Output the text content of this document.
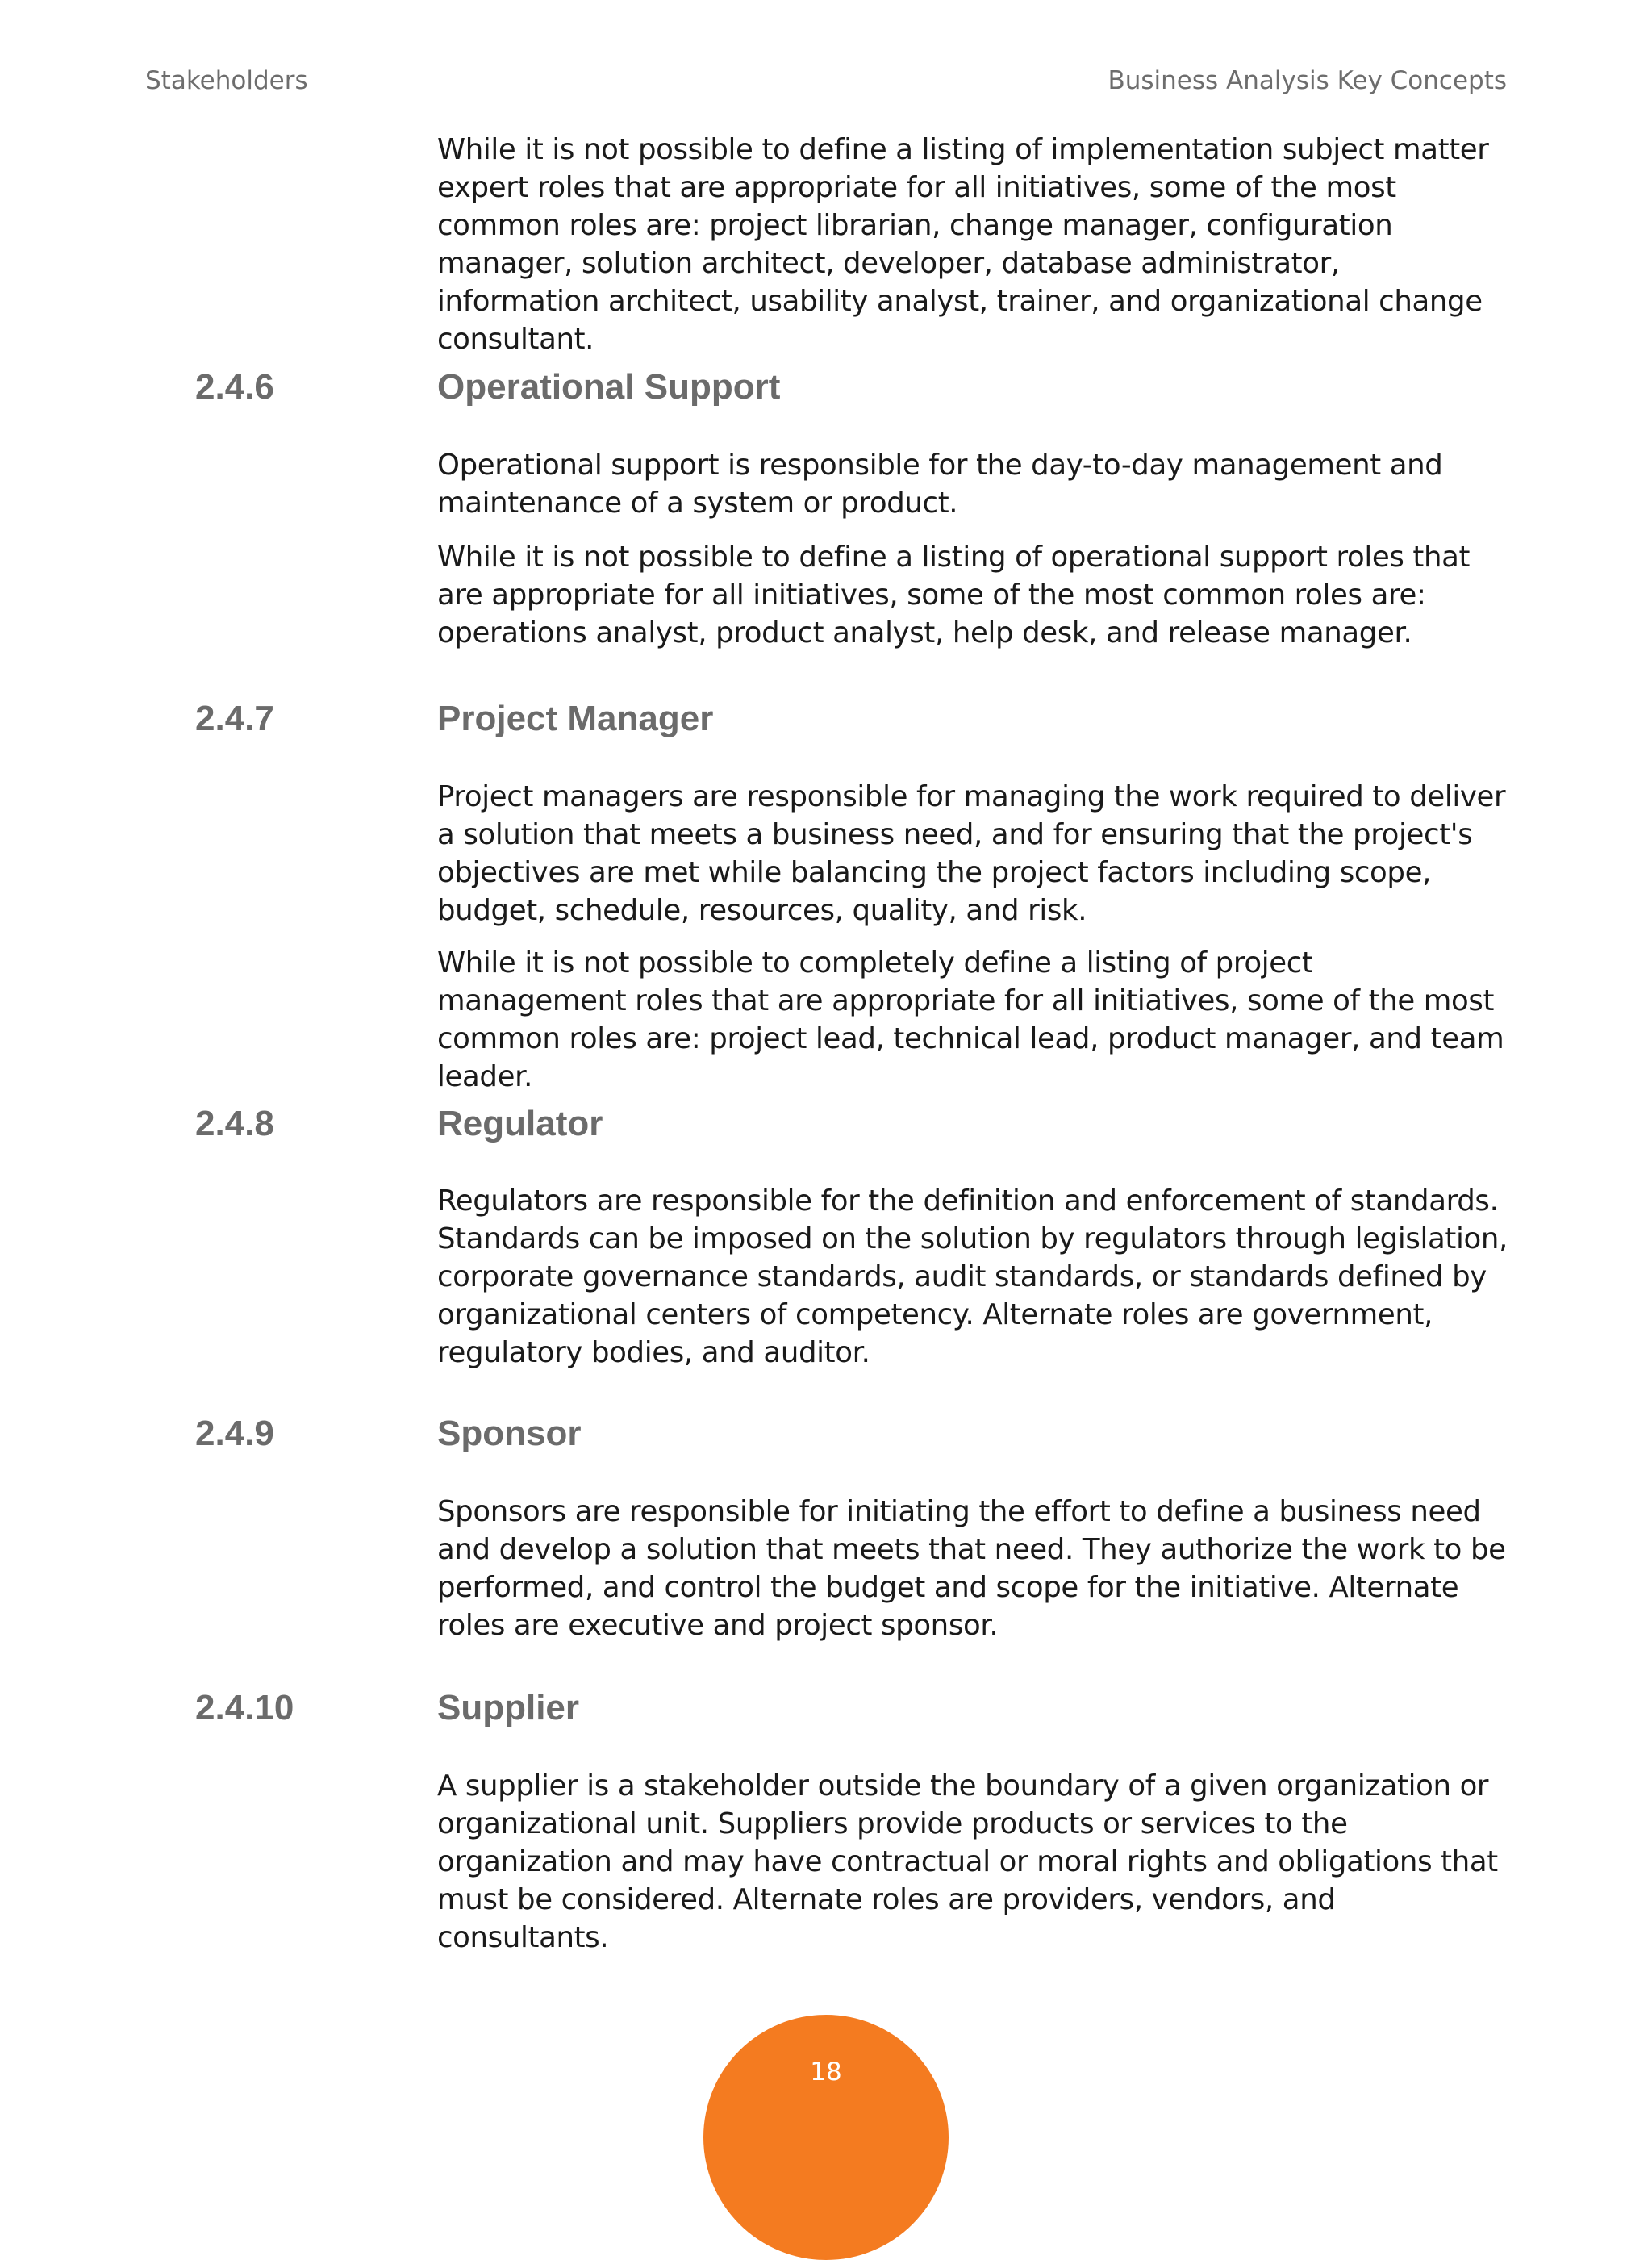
Stakeholders	Business Analysis Key Concepts

While it is not possible to define a listing of implementation subject matter expert roles that are appropriate for all initiatives, some of the most common roles are: project librarian, change manager, configuration manager, solution architect, developer, database administrator, information architect, usability analyst, trainer, and organizational change consultant.

2.4.6	Operational Support

Operational support is responsible for the day-to-day management and maintenance of a system or product.

While it is not possible to define a listing of operational support roles that are appropriate for all initiatives, some of the most common roles are: operations analyst, product analyst, help desk, and release manager.

2.4.7	Project Manager

Project managers are responsible for managing the work required to deliver a solution that meets a business need, and for ensuring that the project's objectives are met while balancing the project factors including scope, budget, schedule, resources, quality, and risk.

While it is not possible to completely define a listing of project management roles that are appropriate for all initiatives, some of the most common roles are: project lead, technical lead, product manager, and team leader.

2.4.8	Regulator

Regulators are responsible for the definition and enforcement of standards. Standards can be imposed on the solution by regulators through legislation, corporate governance standards, audit standards, or standards defined by organizational centers of competency. Alternate roles are government, regulatory bodies, and auditor.

2.4.9	Sponsor

Sponsors are responsible for initiating the effort to define a business need and develop a solution that meets that need. They authorize the work to be performed, and control the budget and scope for the initiative. Alternate roles are executive and project sponsor.

2.4.10	Supplier

A supplier is a stakeholder outside the boundary of a given organization or organizational unit. Suppliers provide products or services to the organization and may have contractual or moral rights and obligations that must be considered. Alternate roles are providers, vendors, and consultants.

18
